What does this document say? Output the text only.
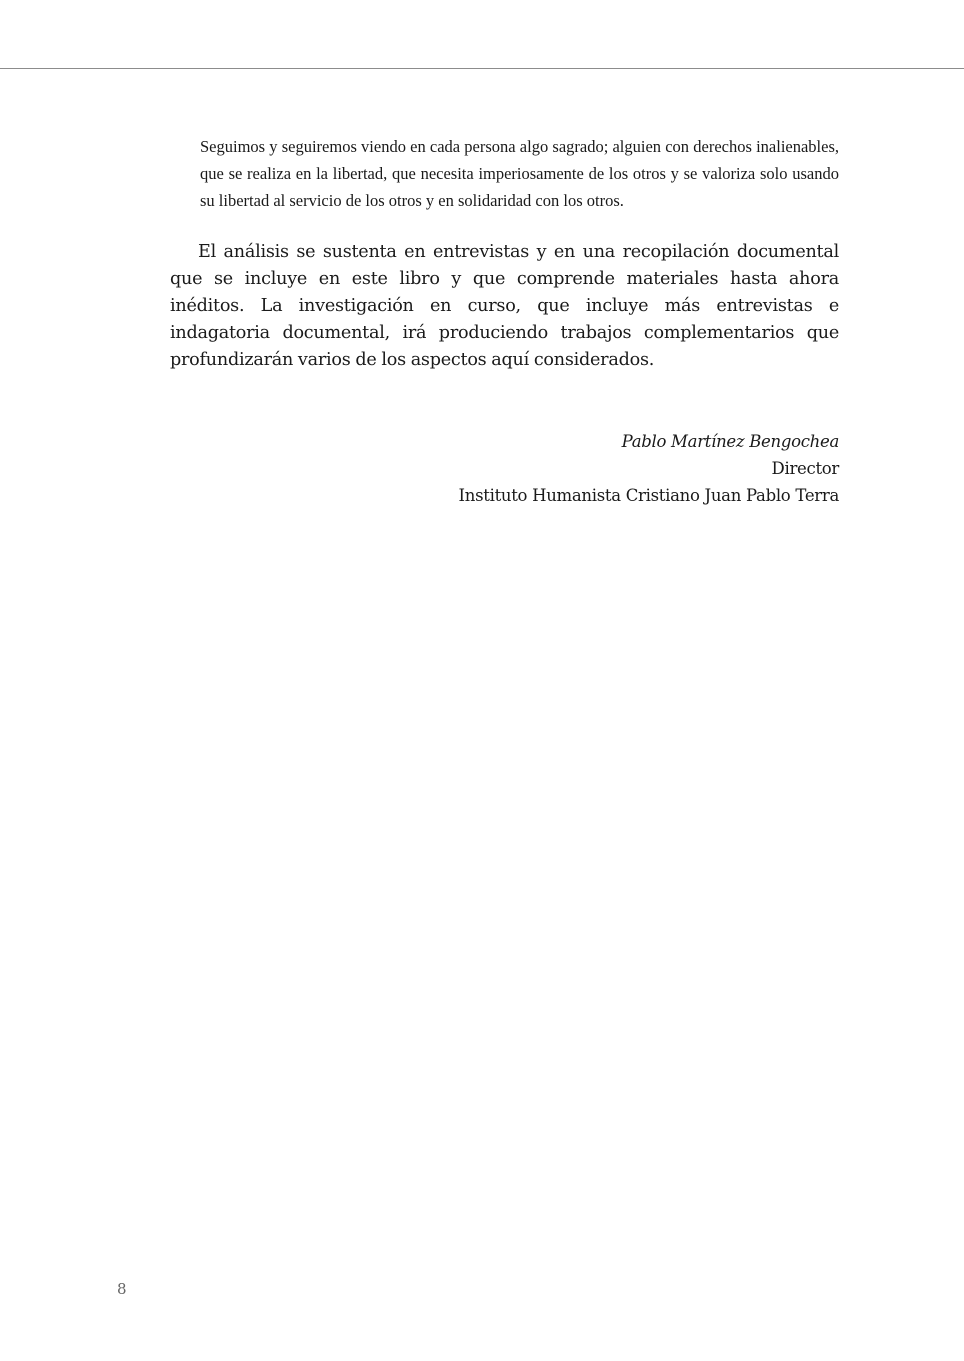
Seguimos y seguiremos viendo en cada persona algo sagrado; alguien con derechos inalienables, que se realiza en la libertad, que necesita imperiosamente de los otros y se valoriza solo usando su libertad al servicio de los otros y en solidaridad con los otros.

El análisis se sustenta en entrevistas y en una recopilación documental que se incluye en este libro y que comprende materiales hasta ahora inéditos. La investigación en curso, que incluye más entrevistas e indagatoria documental, irá produciendo trabajos complementarios que profundizarán varios de los aspectos aquí considerados.

Pablo Martínez Bengochea
Director
Instituto Humanista Cristiano Juan Pablo Terra
8
